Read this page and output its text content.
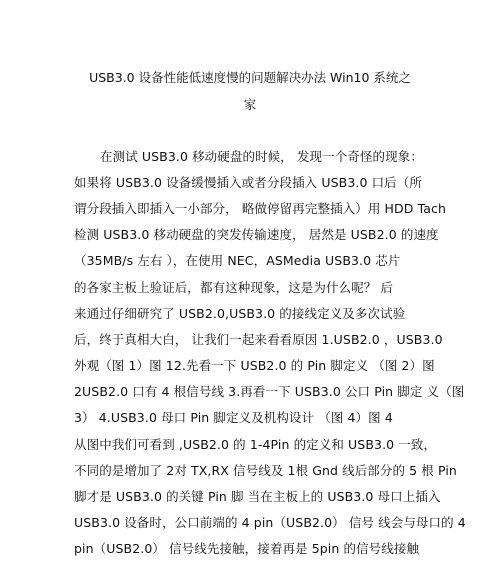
USB3.0 设备性能低速度慢的问题解决办法 Win10 系统之
家
在测试 USB3.0 移动硬盘的时候， 发现一个奇怪的现象：
如果将 USB3.0 设备缓慢插入或者分段插入 USB3.0 口后（所
谓分段插入即插入一小部分， 略做停留再完整插入）用 HDD Tach
检测 USB3.0 移动硬盘的突发传输速度， 居然是 USB2.0 的速度
（35MB/s 左右 ），在使用 NEC，ASMedia USB3.0 芯片
的各家主板上验证后，都有这种现象，这是为什么呢？ 后
来通过仔细研究了 USB2.0,USB3.0 的接线定义及多次试验
后，终于真相大白， 让我们一起来看看原因 1.USB2.0 ，USB3.0
外观（图 1）图 12.先看一下 USB2.0 的 Pin 脚定义 （图 2）图
2USB2.0 口有 4 根信号线 3.再看一下 USB3.0 公口 Pin 脚定 义（图
3） 4.USB3.0 母口 Pin 脚定义及机构设计 （图 4）图 4
从图中我们可看到 ,USB2.0 的 1-4Pin 的定义和 USB3.0 一致，
不同的是增加了 2对 TX,RX 信号线及 1根 Gnd 线后部分的 5 根 Pin
脚才是 USB3.0 的关键 Pin 脚 当在主板上的 USB3.0 母口上插入
USB3.0 设备时，公口前端的 4 pin（USB2.0） 信号 线会与母口的 4
pin（USB2.0） 信号线先接触，接着再是 5pin 的信号线接触
